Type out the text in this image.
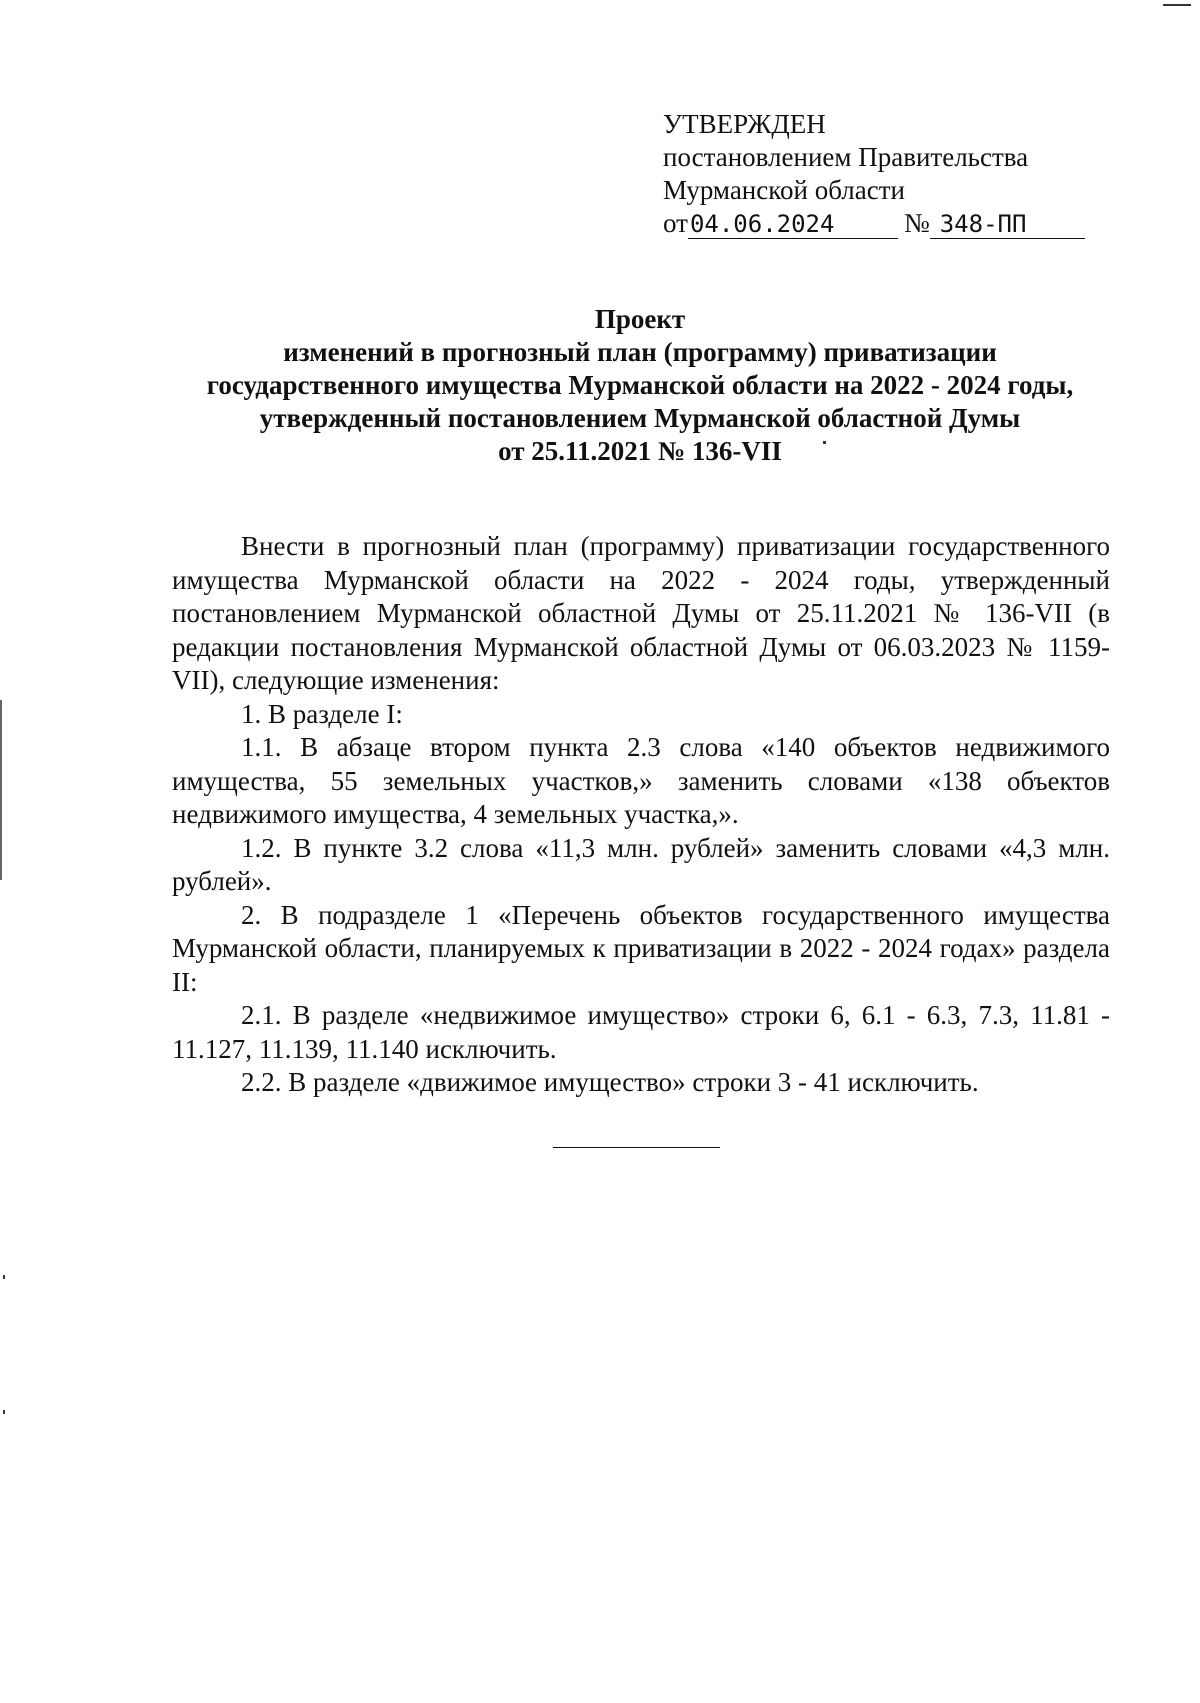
УТВЕРЖДЕН
постановлением Правительства
Мурманской области
от04.06.2024	№ 348-ПП
Проект
изменений в прогнозный план (программу) приватизации
государственного имущества Мурманской области на 2022 - 2024 годы,
утвержденный постановлением Мурманской областной Думы
от 25.11.2021 № 136-VII

Внести в прогнозный план (программу) приватизации государственного имущества Мурманской области на 2022 - 2024 годы, утвержденный постановлением Мурманской областной Думы от 25.11.2021 № 136-VII (в редакции постановления Мурманской областной Думы от 06.03.2023 № 1159-VII), следующие изменения:

1. В разделе I:

1.1. В абзаце втором пункта 2.3 слова «140 объектов недвижимого имущества, 55 земельных участков,» заменить словами «138 объектов недвижимого имущества, 4 земельных участка,».

1.2. В пункте 3.2 слова «11,3 млн. рублей» заменить словами «4,3 млн. рублей».

2. В подразделе 1 «Перечень объектов государственного имущества Мурманской области, планируемых к приватизации в 2022 - 2024 годах» раздела II:

2.1. В разделе «недвижимое имущество» строки 6, 6.1 - 6.3, 7.3, 11.81 - 11.127, 11.139, 11.140 исключить.

2.2. В разделе «движимое имущество» строки 3 - 41 исключить.
